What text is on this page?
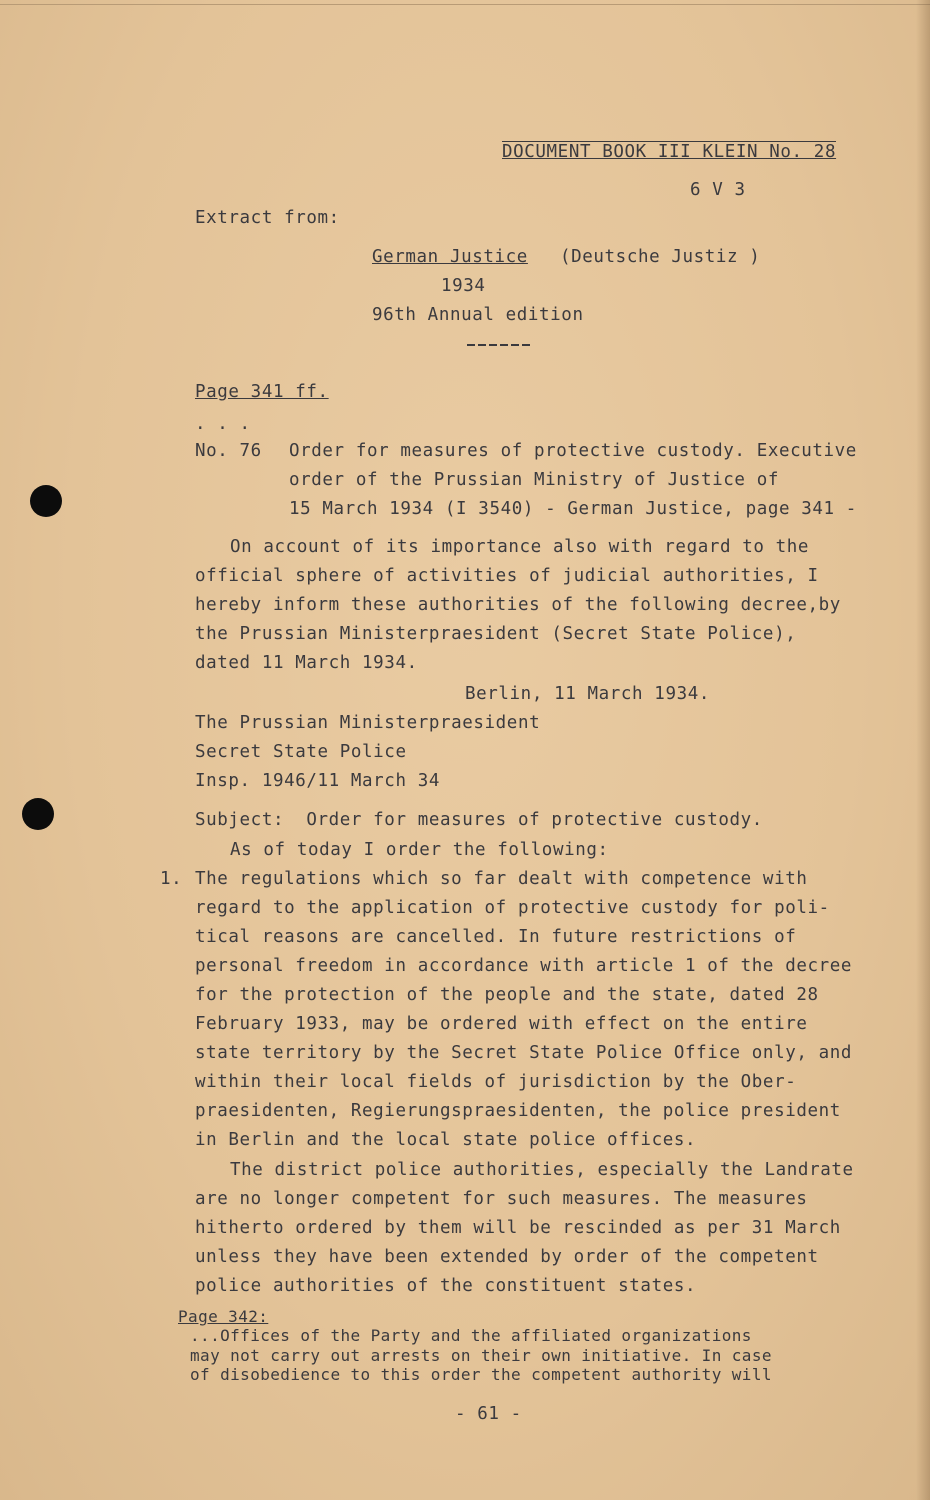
DOCUMENT BOOK III KLEIN No. 28
6 V 3
Extract from:
German Justice (Deutsche Justiz )
1934
96th Annual edition
Page 341 ff.
. . .
No. 76 Order for measures of protective custody. Executive
order of the Prussian Ministry of Justice of
15 March 1934 (I 3540) - German Justice, page 341 -
On account of its importance also with regard to the
official sphere of activities of judicial authorities, I
hereby inform these authorities of the following decree,by
the Prussian Ministerpraesident (Secret State Police),
dated 11 March 1934.
Berlin, 11 March 1934.
The Prussian Ministerpraesident
Secret State Police
Insp. 1946/11 March 34
Subject:  Order for measures of protective custody.
As of today I order the following:
1. The regulations which so far dealt with competence with
regard to the application of protective custody for poli-
tical reasons are cancelled. In future restrictions of
personal freedom in accordance with article 1 of the decree
for the protection of the people and the state, dated 28
February 1933, may be ordered with effect on the entire
state territory by the Secret State Police Office only, and
within their local fields of jurisdiction by the Ober-
praesidenten, Regierungspraesidenten, the police president
in Berlin and the local state police offices.
The district police authorities, especially the Landrate
are no longer competent for such measures. The measures
hitherto ordered by them will be rescinded as per 31 March
unless they have been extended by order of the competent
police authorities of the constituent states.
Page 342:
...Offices of the Party and the affiliated organizations
may not carry out arrests on their own initiative. In case
of disobedience to this order the competent authority will
- 61 -
